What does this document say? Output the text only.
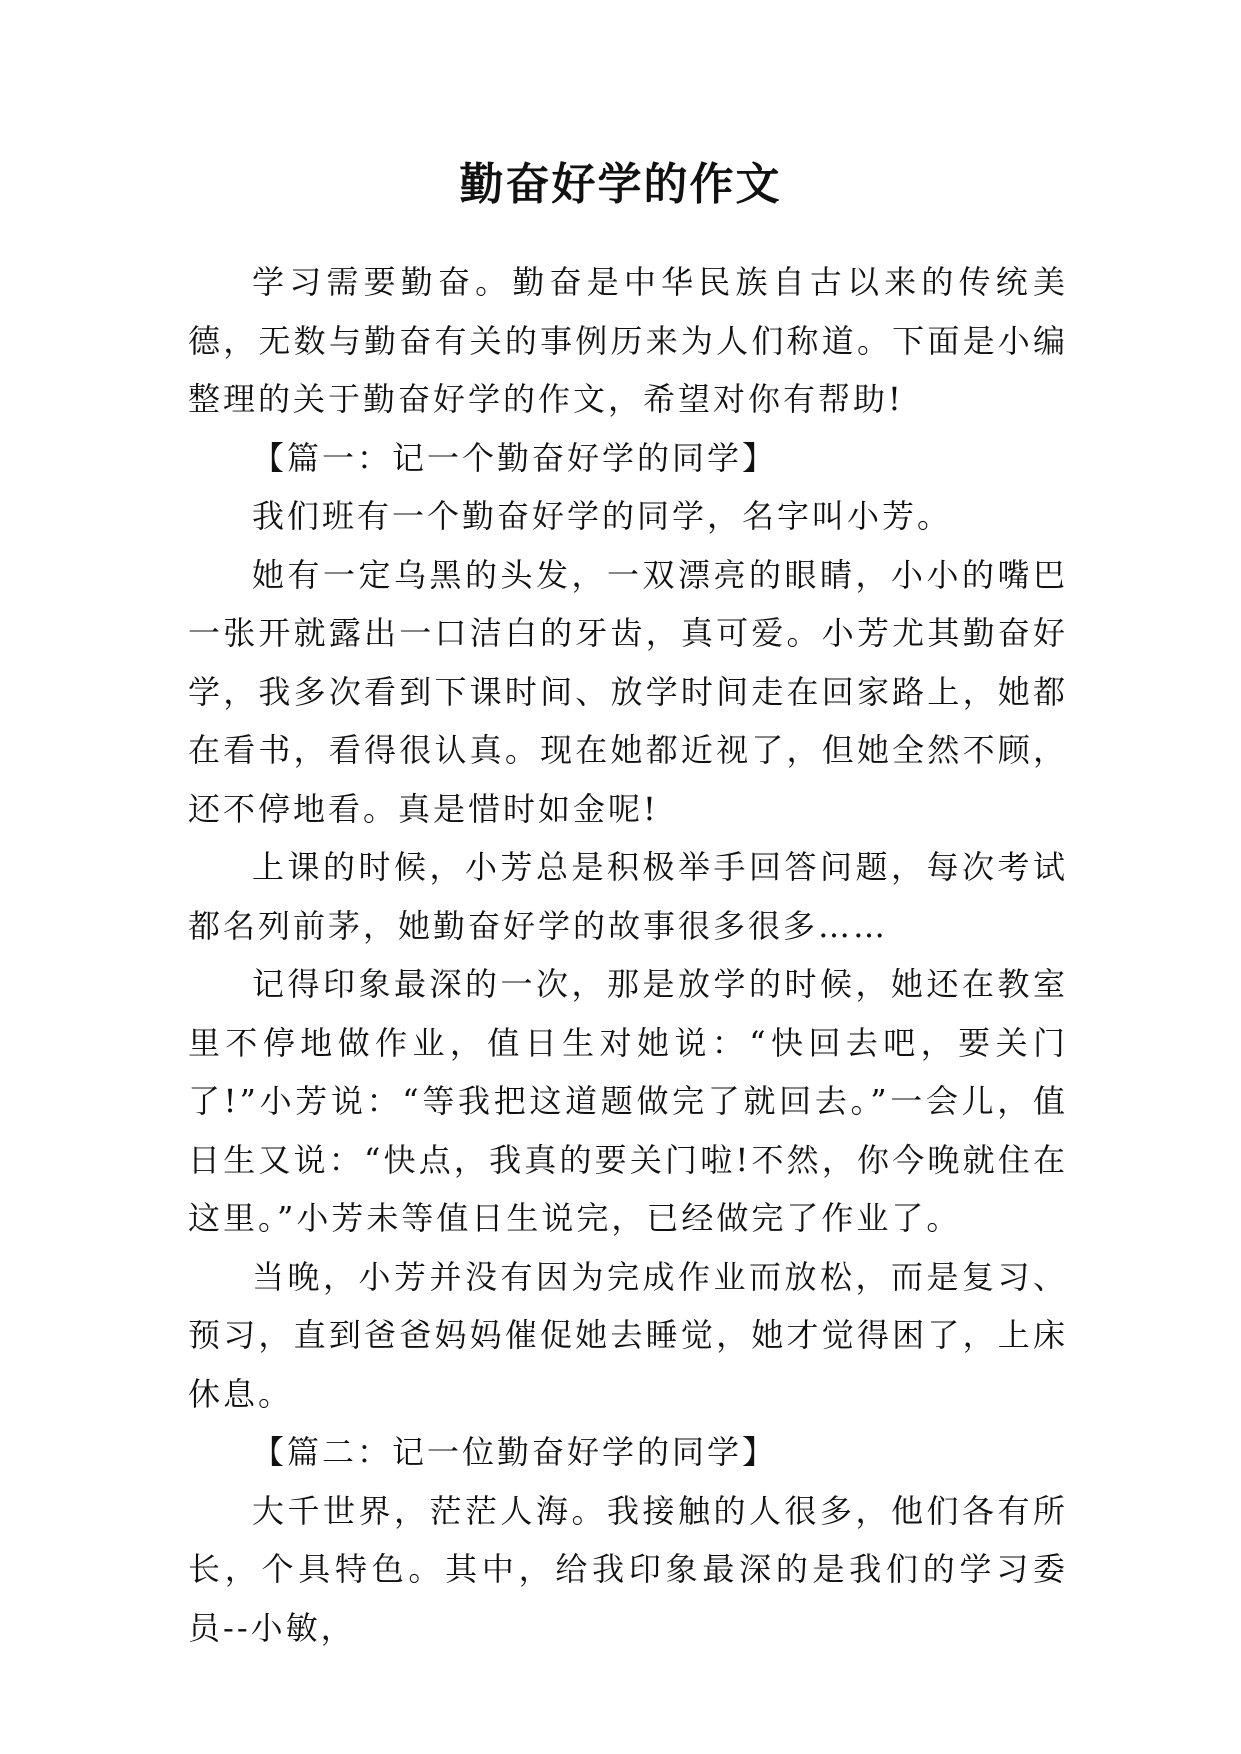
勤奋好学的作文

学习需要勤奋。勤奋是中华民族自古以来的传统美德，无数与勤奋有关的事例历来为人们称道。下面是小编整理的关于勤奋好学的作文，希望对你有帮助!

【篇一：记一个勤奋好学的同学】

我们班有一个勤奋好学的同学，名字叫小芳。

她有一定乌黑的头发，一双漂亮的眼睛，小小的嘴巴一张开就露出一口洁白的牙齿，真可爱。小芳尤其勤奋好学，我多次看到下课时间、放学时间走在回家路上，她都在看书，看得很认真。现在她都近视了，但她全然不顾，还不停地看。真是惜时如金呢!

上课的时候，小芳总是积极举手回答问题，每次考试都名列前茅，她勤奋好学的故事很多很多……

记得印象最深的一次，那是放学的时候，她还在教室里不停地做作业，值日生对她说：“快回去吧，要关门了!”小芳说：“等我把这道题做完了就回去。”一会儿，值日生又说：“快点，我真的要关门啦!不然，你今晚就住在这里。”小芳未等值日生说完，已经做完了作业了。

当晚，小芳并没有因为完成作业而放松，而是复习、预习，直到爸爸妈妈催促她去睡觉，她才觉得困了，上床休息。

【篇二：记一位勤奋好学的同学】

大千世界，茫茫人海。我接触的人很多，他们各有所长，个具特色。其中，给我印象最深的是我们的学习委员--小敏，
